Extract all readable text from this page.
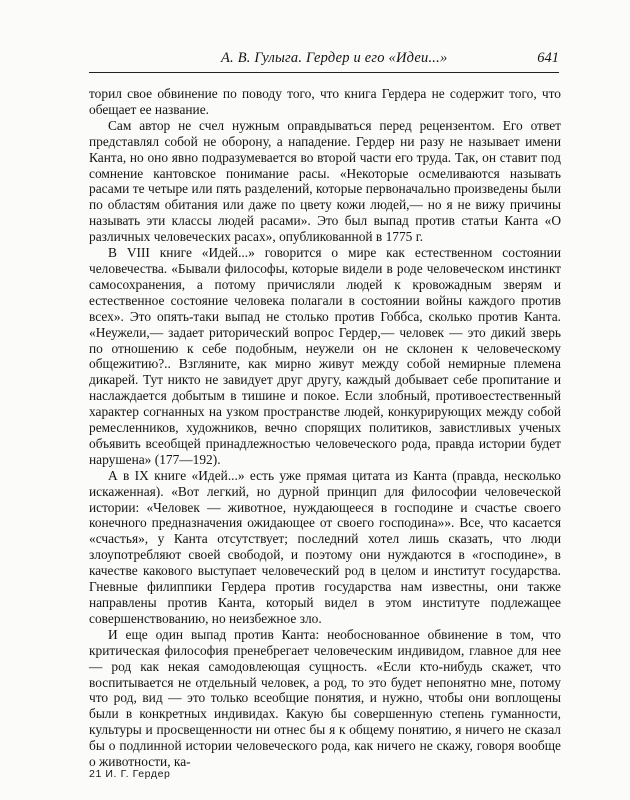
А. В. Гулыга. Гердер и его «Идеи...»	641

торил свое обвинение по поводу того, что книга Гердера не содержит того, что обещает ее название.

Сам автор не счел нужным оправдываться перед рецензентом. Его ответ представлял собой не оборону, а нападение. Гердер ни разу не называет имени Канта, но оно явно подразумевается во второй части его труда. Так, он ставит под сомнение кантовское понимание расы. «Некоторые осмеливаются называть расами те четыре или пять разделений, которые первоначально произведены были по областям обитания или даже по цвету кожи людей,— но я не вижу причины называть эти классы людей расами». Это был выпад против статьи Канта «О различных человеческих расах», опубликованной в 1775 г.

В VIII книге «Идей...» говорится о мире как естественном состоянии человечества. «Бывали философы, которые видели в роде человеческом инстинкт самосохранения, а потому причисляли людей к кровожадным зверям и естественное состояние человека полагали в состоянии войны каждого против всех». Это опять-таки выпад не столько против Гоббса, сколько против Канта. «Неужели,— задает риторический вопрос Гердер,— человек — это дикий зверь по отношению к себе подобным, неужели он не склонен к человеческому общежитию?.. Взгляните, как мирно живут между собой немирные племена дикарей. Тут никто не завидует друг другу, каждый добывает себе пропитание и наслаждается добытым в тишине и покое. Если злобный, противоестественный характер согнанных на узком пространстве людей, конкурирующих между собой ремесленников, художников, вечно спорящих политиков, завистливых ученых объявить всеобщей принадлежностью человеческого рода, правда истории будет нарушена» (177—192).

А в IX книге «Идей...» есть уже прямая цитата из Канта (правда, несколько искаженная). «Вот легкий, но дурной принцип для философии человеческой истории: «Человек — животное, нуждающееся в господине и счастье своего конечного предназначения ожидающее от своего господина»». Все, что касается «счастья», у Канта отсутствует; последний хотел лишь сказать, что люди злоупотребляют своей свободой, и поэтому они нуждаются в «господине», в качестве какового выступает человеческий род в целом и институт государства. Гневные филиппики Гердера против государства нам известны, они также направлены против Канта, который видел в этом институте подлежащее совершенствованию, но неизбежное зло.

И еще один выпад против Канта: необоснованное обвинение в том, что критическая философия пренебрегает человеческим индивидом, главное для нее — род как некая самодовлеющая сущность. «Если кто-нибудь скажет, что воспитывается не отдельный человек, а род, то это будет непонятно мне, потому что род, вид — это только всеобщие понятия, и нужно, чтобы они воплощены были в конкретных индивидах. Какую бы совершенную степень гуманности, культуры и просвещенности ни отнес бы я к общему понятию, я ничего не сказал бы о подлинной истории человеческого рода, как ничего не скажу, говоря вообще о животности, ка-

21 И. Г. Гердер
